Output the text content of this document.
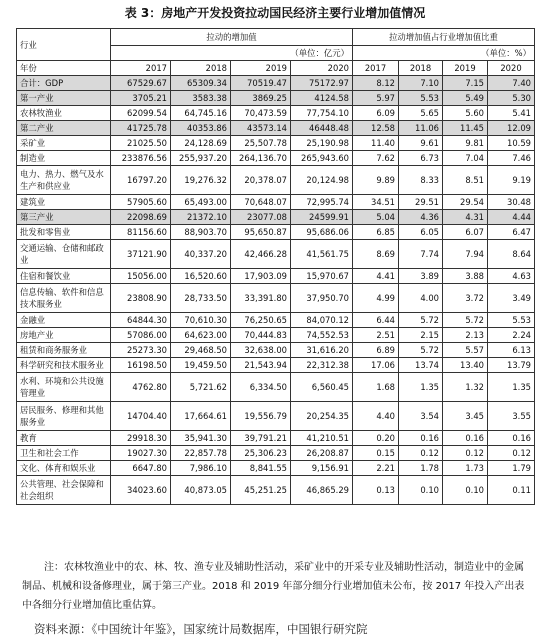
表 3：房地产开发投资拉动国民经济主要行业增加值情况
行业	拉动的增加值				拉动增加值占行业增加值比重			
	（单位：亿元）				（单位：%）			
年份	2017	2018	2019	2020	2017	2018	2019	2020
合计：GDP	67529.67	65309.34	70519.47	75172.97	8.12	7.10	7.15	7.40
第一产业	3705.21	3583.38	3869.25	4124.58	5.97	5.53	5.49	5.30
农林牧渔业	62099.54	64,745.16	70,473.59	77,754.10	6.09	5.65	5.60	5.41
第二产业	41725.78	40353.86	43573.14	46448.48	12.58	11.06	11.45	12.09
采矿业	21025.50	24,128.69	25,507.78	25,190.98	11.40	9.61	9.81	10.59
制造业	233876.56	255,937.20	264,136.70	265,943.60	7.62	6.73	7.04	7.46
电力、热力、燃气及水生产和供应业	16797.20	19,276.32	20,378.07	20,124.98	9.89	8.33	8.51	9.19
建筑业	57905.60	65,493.00	70,648.07	72,995.74	34.51	29.51	29.54	30.48
第三产业	22098.69	21372.10	23077.08	24599.91	5.04	4.36	4.31	4.44
批发和零售业	81156.60	88,903.70	95,650.87	95,686.06	6.85	6.05	6.07	6.47
交通运输、仓储和邮政业	37121.90	40,337.20	42,466.28	41,561.75	8.69	7.74	7.94	8.64
住宿和餐饮业	15056.00	16,520.60	17,903.09	15,970.67	4.41	3.89	3.88	4.63
信息传输、软件和信息技术服务业	23808.90	28,733.50	33,391.80	37,950.70	4.99	4.00	3.72	3.49
金融业	64844.30	70,610.30	76,250.65	84,070.12	6.44	5.72	5.72	5.53
房地产业	57086.00	64,623.00	70,444.83	74,552.53	2.51	2.15	2.13	2.24
租赁和商务服务业	25273.30	29,468.50	32,638.00	31,616.20	6.89	5.72	5.57	6.13
科学研究和技术服务业	16198.50	19,459.50	21,543.94	22,312.38	17.06	13.74	13.40	13.79
水利、环境和公共设施管理业	4762.80	5,721.62	6,334.50	6,560.45	1.68	1.35	1.32	1.35
居民服务、修理和其他服务业	14704.40	17,664.61	19,556.79	20,254.35	4.40	3.54	3.45	3.55
教育	29918.30	35,941.30	39,791.21	41,210.51	0.20	0.16	0.16	0.16
卫生和社会工作	19027.30	22,857.78	25,306.23	26,208.87	0.15	0.12	0.12	0.12
文化、体育和娱乐业	6647.80	7,986.10	8,841.55	9,156.91	2.21	1.78	1.73	1.79
公共管理、社会保障和社会组织	34023.60	40,873.05	45,251.25	46,865.29	0.13	0.10	0.10	0.11
注：农林牧渔业中的农、林、牧、渔专业及辅助性活动，采矿业中的开采专业及辅助性活动，制造业中的金属制品、机械和设备修理业，属于第三产业。2018 和 2019 年部分细分行业增加值未公布，按 2017 年投入产出表中各细分行业增加值比重估算。
资料来源：《中国统计年鉴》，国家统计局数据库，中国银行研究院
